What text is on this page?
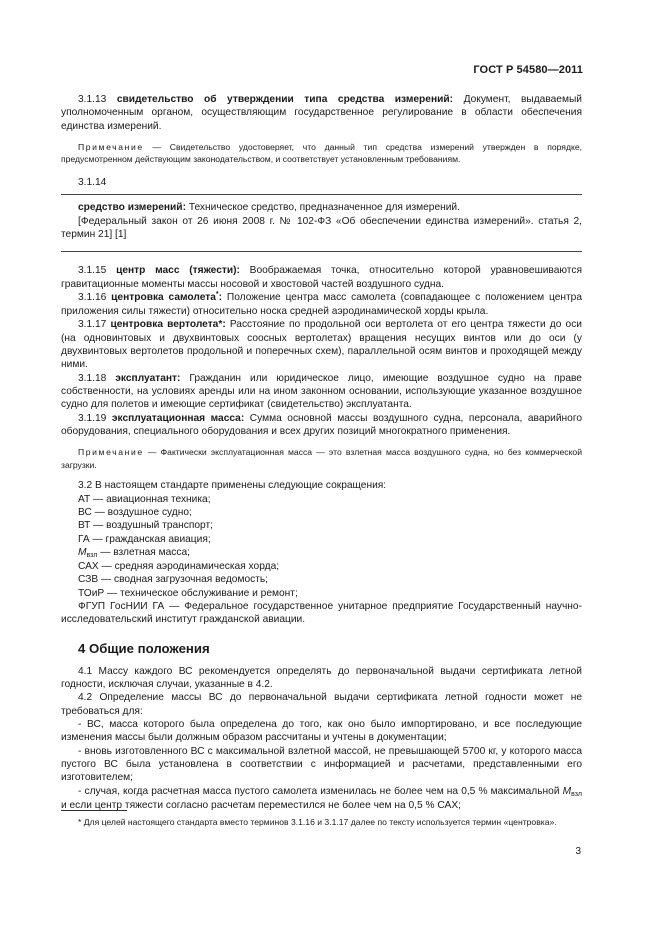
ГОСТ Р 54580—2011

3.1.13 свидетельство об утверждении типа средства измерений: Документ, выдаваемый уполномоченным органом, осуществляющим государственное регулирование в области обеспечения единства измерений.

Примечание — Свидетельство удостоверяет, что данный тип средства измерений утвержден в порядке, предусмотренном действующим законодательством, и соответствует установленным требованиям.

3.1.14

средство измерений: Техническое средство, предназначенное для измерений.

[Федеральный закон от 26 июня 2008 г. № 102-ФЗ «Об обеспечении единства измерений». статья 2, термин 21] [1]

3.1.15 центр масс (тяжести): Воображаемая точка, относительно которой уравновешиваются гравитационные моменты массы носовой и хвостовой частей воздушного судна.

3.1.16 центровка самолета*: Положение центра масс самолета (совпадающее с положением центра приложения силы тяжести) относительно носка средней аэродинамической хорды крыла.

3.1.17 центровка вертолета*: Расстояние по продольной оси вертолета от его центра тяжести до оси (на одновинтовых и двухвинтовых соосных вертолетах) вращения несущих винтов или до оси (у двухвинтовых вертолетов продольной и поперечных схем), параллельной осям винтов и проходящей между ними.

3.1.18 эксплуатант: Гражданин или юридическое лицо, имеющие воздушное судно на праве собственности, на условиях аренды или на ином законном основании, использующие указанное воздушное судно для полетов и имеющие сертификат (свидетельство) эксплуатанта.

3.1.19 эксплуатационная масса: Сумма основной массы воздушного судна, персонала, аварийного оборудования, специального оборудования и всех других позиций многократного применения.

Примечание — Фактически эксплуатационная масса — это взлетная масса воздушного судна, но без коммерческой загрузки.

3.2 В настоящем стандарте применены следующие сокращения:

АТ — авиационная техника;

ВС — воздушное судно;

ВТ — воздушный транспорт;

ГА — гражданская авиация;

Mвзл — взлетная масса;

САХ — средняя аэродинамическая хорда;

СЗВ — сводная загрузочная ведомость;

ТОиР — техническое обслуживание и ремонт;

ФГУП ГосНИИ ГА — Федеральное государственное унитарное предприятие Государственный научно-исследовательский институт гражданской авиации.

4 Общие положения

4.1 Массу каждого ВС рекомендуется определять до первоначальной выдачи сертификата летной годности, исключая случаи, указанные в 4.2.

4.2 Определение массы ВС до первоначальной выдачи сертификата летной годности может не требоваться для:

- ВС, масса которого была определена до того, как оно было импортировано, и все последующие изменения массы были должным образом рассчитаны и учтены в документации;

- вновь изготовленного ВС с максимальной взлетной массой, не превышающей 5700 кг, у которого масса пустого ВС была установлена в соответствии с информацией и расчетами, представленными его изготовителем;

- случая, когда расчетная масса пустого самолета изменилась не более чем на 0,5 % максимальной Mвзл и если центр тяжести согласно расчетам переместился не более чем на 0,5 % САХ;

* Для целей настоящего стандарта вместо терминов 3.1.16 и 3.1.17 далее по тексту используется термин «центровка».
3
